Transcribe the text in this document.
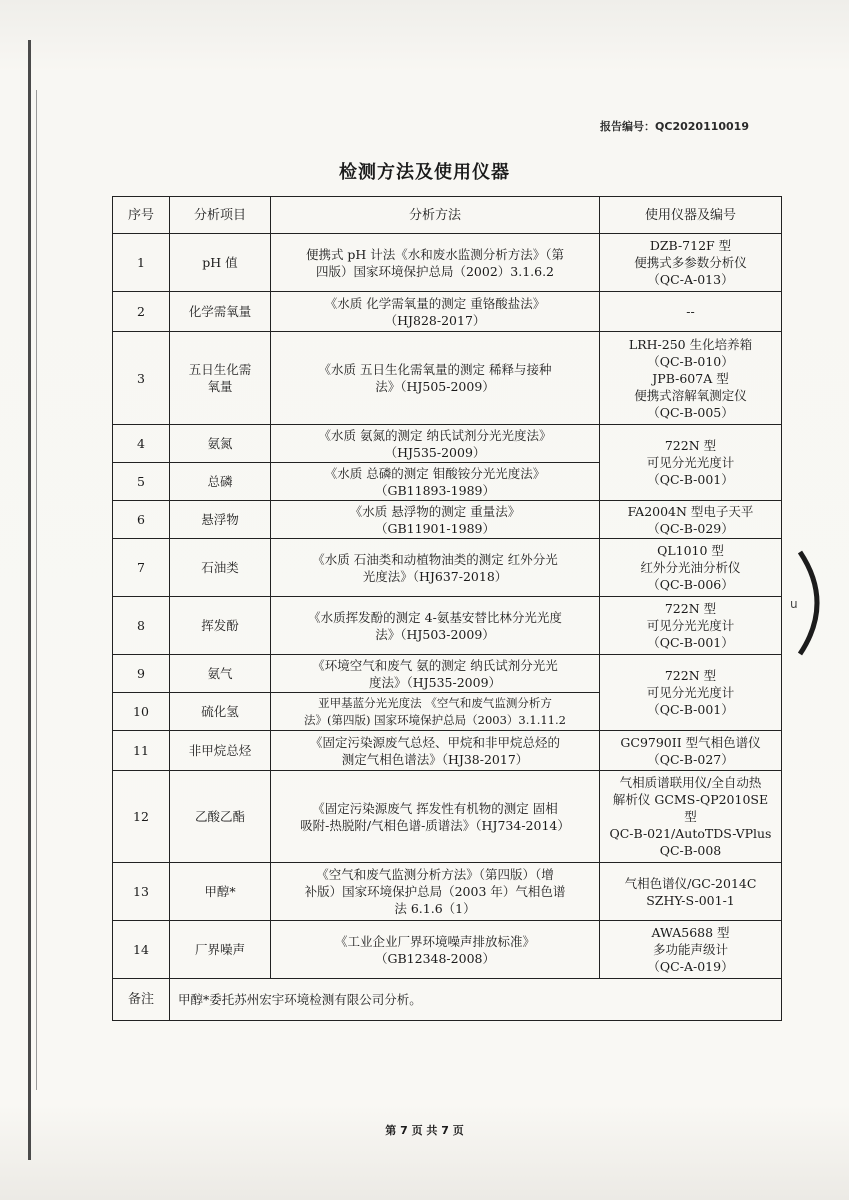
报告编号：QC2020110019
检测方法及使用仪器
序号	分析项目	分析方法	使用仪器及编号
1	pH 值	便携式 pH 计法《水和废水监测分析方法》（第
四版）国家环境保护总局（2002）3.1.6.2	DZB-712F 型
便携式多参数分析仪
（QC-A-013）
2	化学需氧量	《水质 化学需氧量的测定 重铬酸盐法》
（HJ828-2017）	--
3	五日生化需
氧量	《水质 五日生化需氧量的测定 稀释与接种
法》（HJ505-2009）	LRH-250 生化培养箱
（QC-B-010）
JPB-607A 型
便携式溶解氧测定仪
（QC-B-005）
4	氨氮	《水质 氨氮的测定 纳氏试剂分光光度法》
（HJ535-2009）	722N 型
可见分光光度计
（QC-B-001）
5	总磷	《水质 总磷的测定 钼酸铵分光光度法》
（GB11893-1989）	
6	悬浮物	《水质 悬浮物的测定 重量法》
（GB11901-1989）	FA2004N 型电子天平
（QC-B-029）
7	石油类	《水质 石油类和动植物油类的测定 红外分光
光度法》（HJ637-2018）	QL1010 型
红外分光油分析仪
（QC-B-006）
8	挥发酚	《水质挥发酚的测定 4-氨基安替比林分光光度
法》（HJ503-2009）	722N 型
可见分光光度计
（QC-B-001）
9	氨气	《环境空气和废气 氨的测定 纳氏试剂分光光
度法》（HJ535-2009）	722N 型
可见分光光度计
（QC-B-001）
10	硫化氢	亚甲基蓝分光光度法 《空气和废气监测分析方
法》(第四版) 国家环境保护总局（2003）3.1.11.2	
11	非甲烷总烃	《固定污染源废气总烃、甲烷和非甲烷总烃的
测定气相色谱法》（HJ38-2017）	GC9790II 型气相色谱仪
（QC-B-027）
12	乙酸乙酯	《固定污染源废气 挥发性有机物的测定 固相
吸附-热脱附/气相色谱-质谱法》（HJ734-2014）	气相质谱联用仪/全自动热
解析仪 GCMS-QP2010SE
型
QC-B-021/AutoTDS-VPlus
QC-B-008
13	甲醇*	《空气和废气监测分析方法》（第四版）（增
补版）国家环境保护总局（2003 年）气相色谱
法 6.1.6（1）	气相色谱仪/GC-2014C
SZHY-S-001-1
14	厂界噪声	《工业企业厂界环境噪声排放标准》
（GB12348-2008）	AWA5688 型
多功能声级计
（QC-A-019）
备注	甲醇*委托苏州宏宇环境检测有限公司分析。		
u
第 7 页 共 7 页
